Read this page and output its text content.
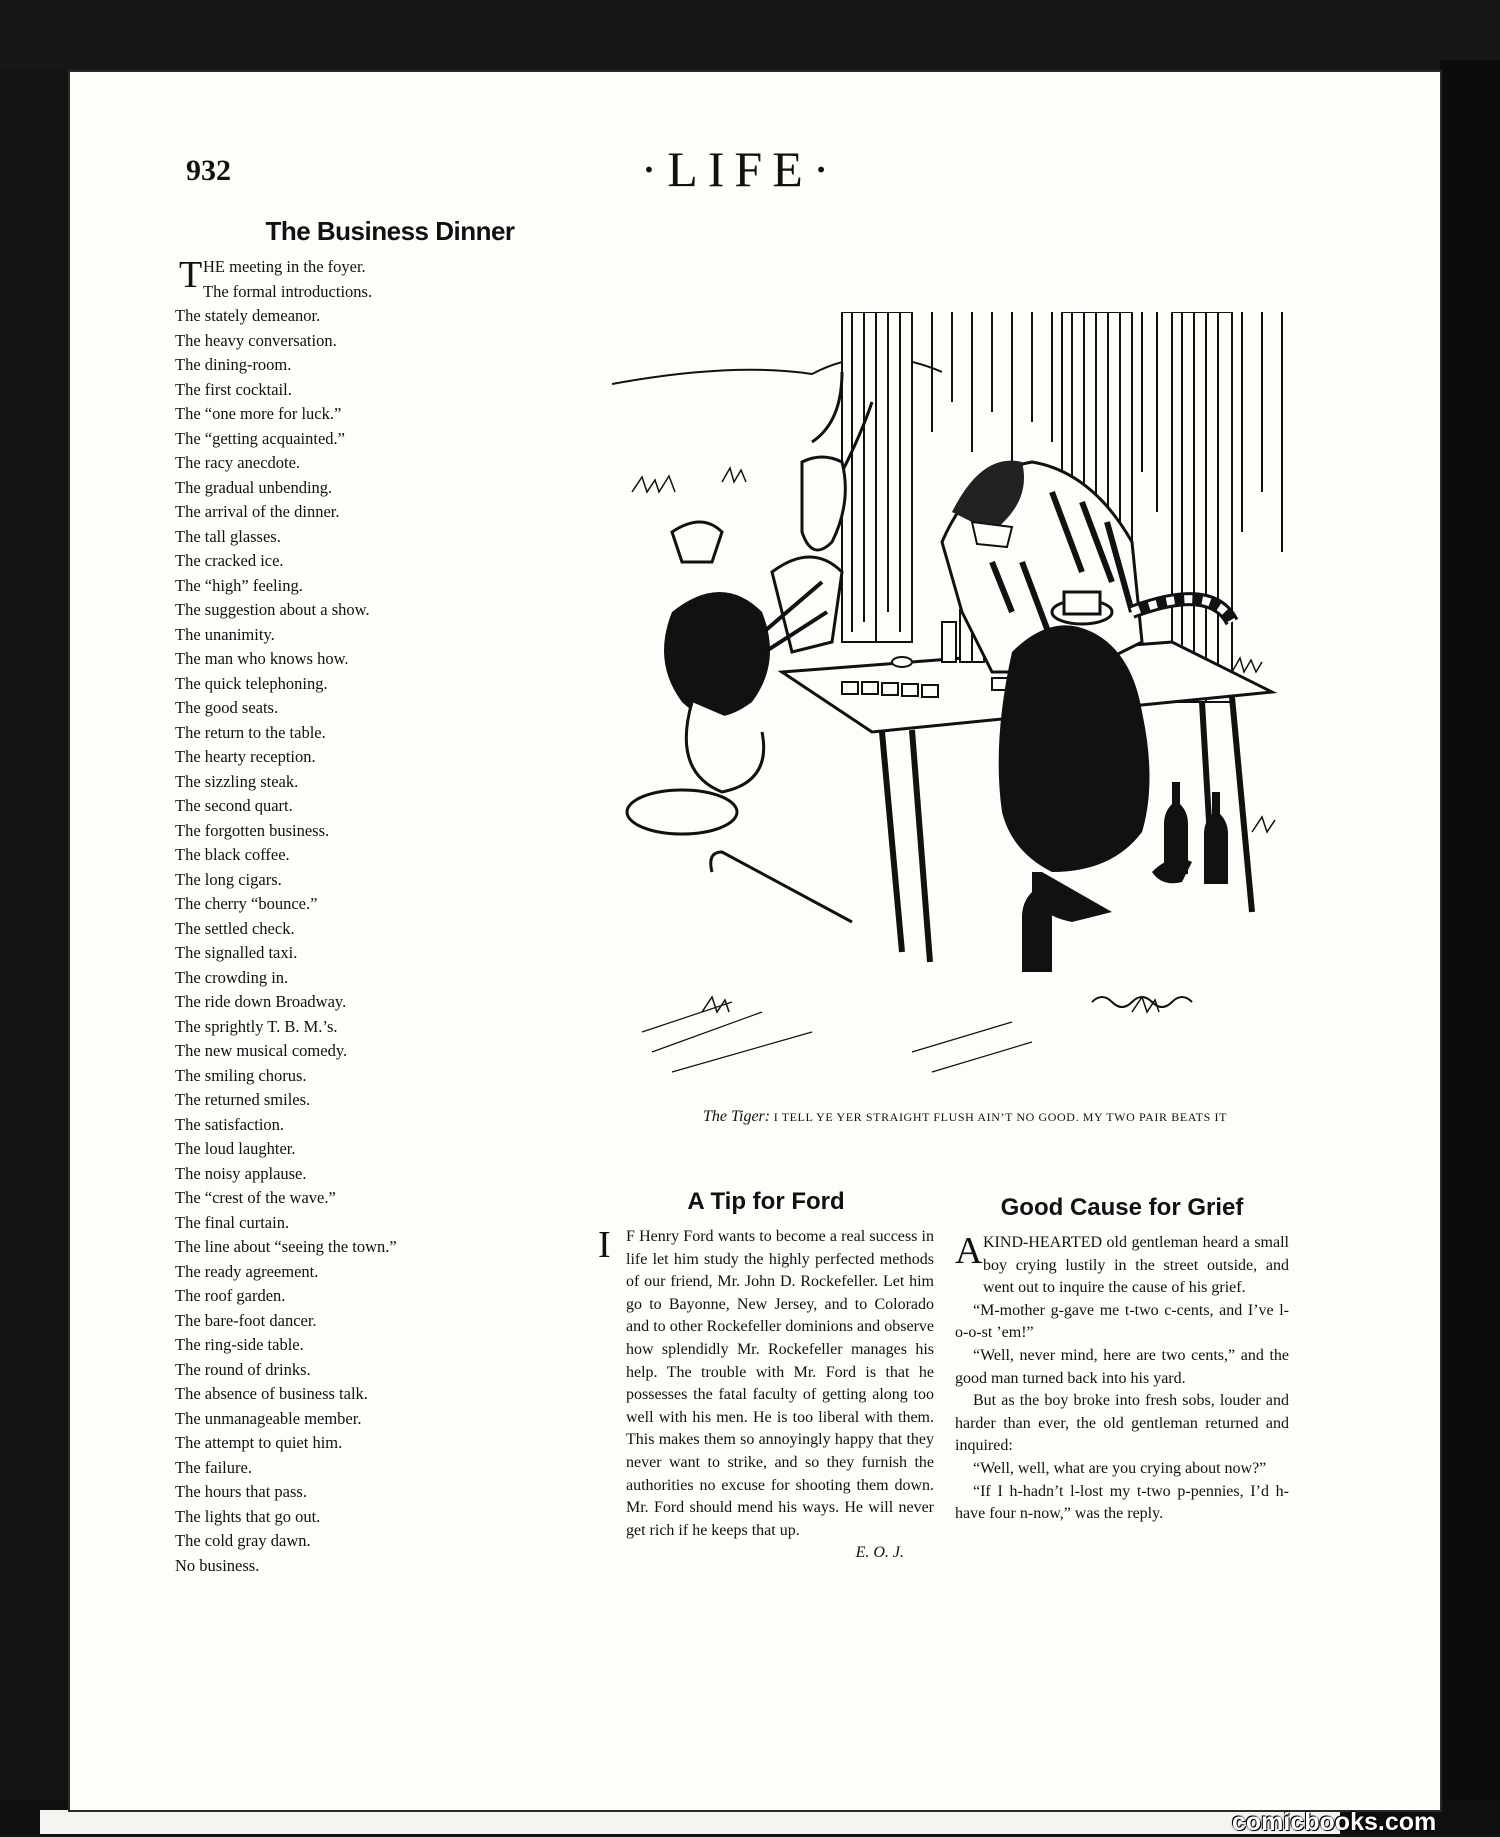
932	·LIFE·
The Business Dinner
T HE meeting in the foyer.
The formal introductions.
The stately demeanor.
The heavy conversation.
The dining-room.
The first cocktail.
The “one more for luck.”
The “getting acquainted.”
The racy anecdote.
The gradual unbending.
The arrival of the dinner.
The tall glasses.
The cracked ice.
The “high” feeling.
The suggestion about a show.
The unanimity.
The man who knows how.
The quick telephoning.
The good seats.
The return to the table.
The hearty reception.
The sizzling steak.
The second quart.
The forgotten business.
The black coffee.
The long cigars.
The cherry “bounce.”
The settled check.
The signalled taxi.
The crowding in.
The ride down Broadway.
The sprightly T. B. M.’s.
The new musical comedy.
The smiling chorus.
The returned smiles.
The satisfaction.
The loud laughter.
The noisy applause.
The “crest of the wave.”
The final curtain.
The line about “seeing the town.”
The ready agreement.
The roof garden.
The bare-foot dancer.
The ring-side table.
The round of drinks.
The absence of business talk.
The unmanageable member.
The attempt to quiet him.
The failure.
The hours that pass.
The lights that go out.
The cold gray dawn.
No business.
The Tiger: I TELL YE YER STRAIGHT FLUSH AIN’T NO GOOD. MY TWO PAIR BEATS IT
A Tip for Ford
I F Henry Ford wants to become a real success in life let him study the highly perfected methods of our friend, Mr. John D. Rockefeller. Let him go to Bayonne, New Jersey, and to Colorado and to other Rockefeller dominions and observe how splendidly Mr. Rockefeller manages his help. The trouble with Mr. Ford is that he possesses the fatal faculty of getting along too well with his men. He is too liberal with them. This makes them so annoyingly happy that they never want to strike, and so they furnish the authorities no excuse for shooting them down. Mr. Ford should mend his ways. He will never get rich if he keeps that up.

E. O. J.

Good Cause for Grief
A KIND-HEARTED old gentleman heard a small boy crying lustily in the street outside, and went out to inquire the cause of his grief.

“M-mother g-gave me t-two c-cents, and I’ve l-o-o-st ’em!”

“Well, never mind, here are two cents,” and the good man turned back into his yard.

But as the boy broke into fresh sobs, louder and harder than ever, the old gentleman returned and inquired:

“Well, well, what are you crying about now?”

“If I h-hadn’t l-lost my t-two p-pennies, I’d h-have four n-now,” was the reply.

comicbooks.com
